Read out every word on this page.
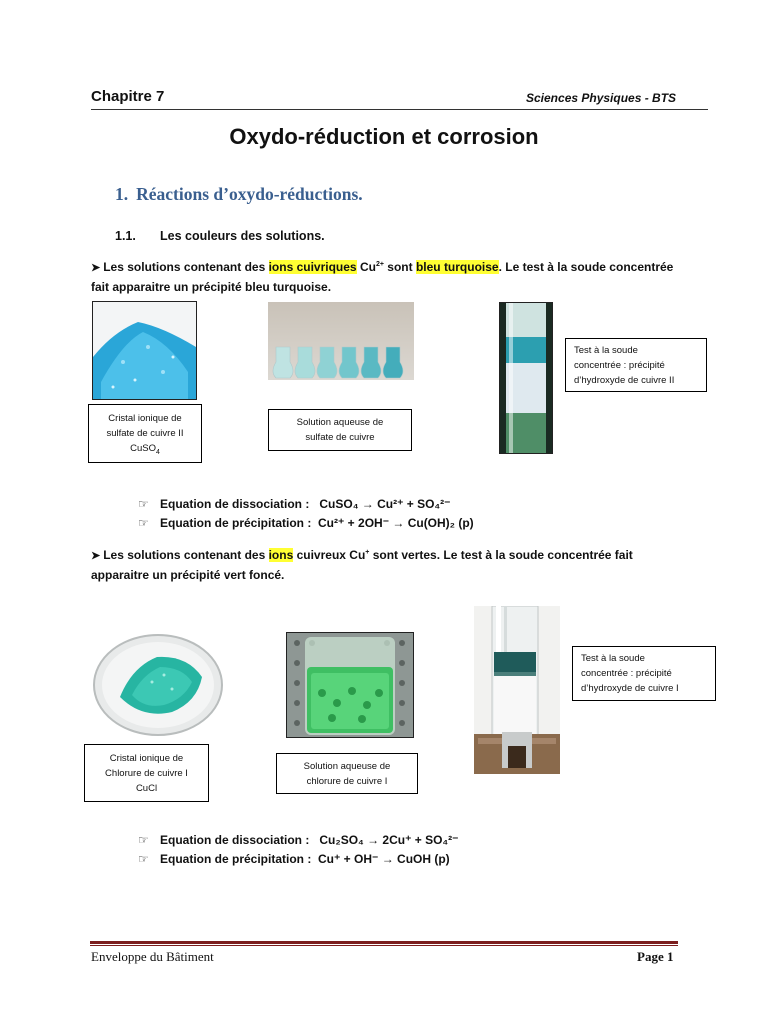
Chapitre 7	Sciences Physiques - BTS
Oxydo-réduction et corrosion
1. Réactions d’oxydo-réductions.
1.1. Les couleurs des solutions.
➤ Les solutions contenant des ions cuivriques $Cu^{2+}$ sont bleu turquoise. Le test à la soude concentrée
fait apparaitre un précipité bleu turquoise.
Cristal ionique de
sulfate de cuivre II
CuSO$_4$
Solution aqueuse de
sulfate de cuivre
Test à la soude
concentrée : précipité
d’hydroxyde de cuivre II
☞ Equation de dissociation : CuSO₄ → Cu²⁺ + SO₄²⁻
☞ Equation de précipitation : Cu²⁺ + 2OH⁻ → Cu(OH)₂ (p)
➤ Les solutions contenant des ions cuivreux Cu+ sont vertes. Le test à la soude concentrée fait
apparaitre un précipité vert foncé.
Cristal ionique de
Chlorure de cuivre I
CuCl
Solution aqueuse de
chlorure de cuivre I
Test à la soude
concentrée : précipité
d’hydroxyde de cuivre I
☞ Equation de dissociation : Cu₂SO₄ → 2Cu⁺ + SO₄²⁻
☞ Equation de précipitation : Cu⁺ + OH⁻ → CuOH (p)
Enveloppe du Bâtiment	Page 1
